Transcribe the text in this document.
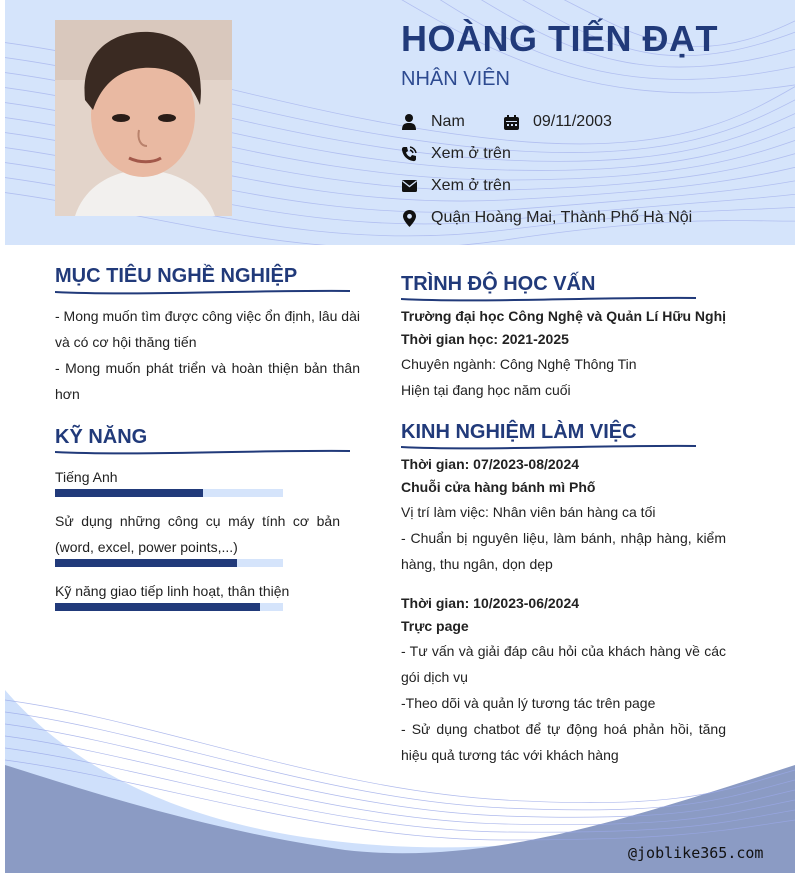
HOÀNG TIẾN ĐẠT
NHÂN VIÊN
Nam	09/11/2003
Xem ở trên
Xem ở trên
Quận Hoàng Mai, Thành Phố Hà Nội
MỤC TIÊU NGHỀ NGHIỆP
- Mong muốn tìm được công việc ổn định, lâu dài và có cơ hội thăng tiến
- Mong muốn phát triển và hoàn thiện bản thân hơn
KỸ NĂNG
Tiếng Anh
Sử dụng những công cụ máy tính cơ bản (word, excel, power points,...)
Kỹ năng giao tiếp linh hoạt, thân thiện
TRÌNH ĐỘ HỌC VẤN
Trường đại học Công Nghệ và Quản Lí Hữu Nghị
Thời gian học: 2021-2025
Chuyên ngành: Công Nghệ Thông Tin
Hiện tại đang học năm cuối
KINH NGHIỆM LÀM VIỆC
Thời gian: 07/2023-08/2024
Chuỗi cửa hàng bánh mì Phố
Vị trí làm việc: Nhân viên bán hàng ca tối
- Chuẩn bị nguyên liệu, làm bánh, nhập hàng, kiểm hàng, thu ngân, dọn dẹp
Thời gian: 10/2023-06/2024
Trực page
- Tư vấn và giải đáp câu hỏi của khách hàng về các gói dịch vụ
-Theo dõi và quản lý tương tác trên page
- Sử dụng chatbot để tự động hoá phản hồi, tăng hiệu quả tương tác với khách hàng
@joblike365.com
